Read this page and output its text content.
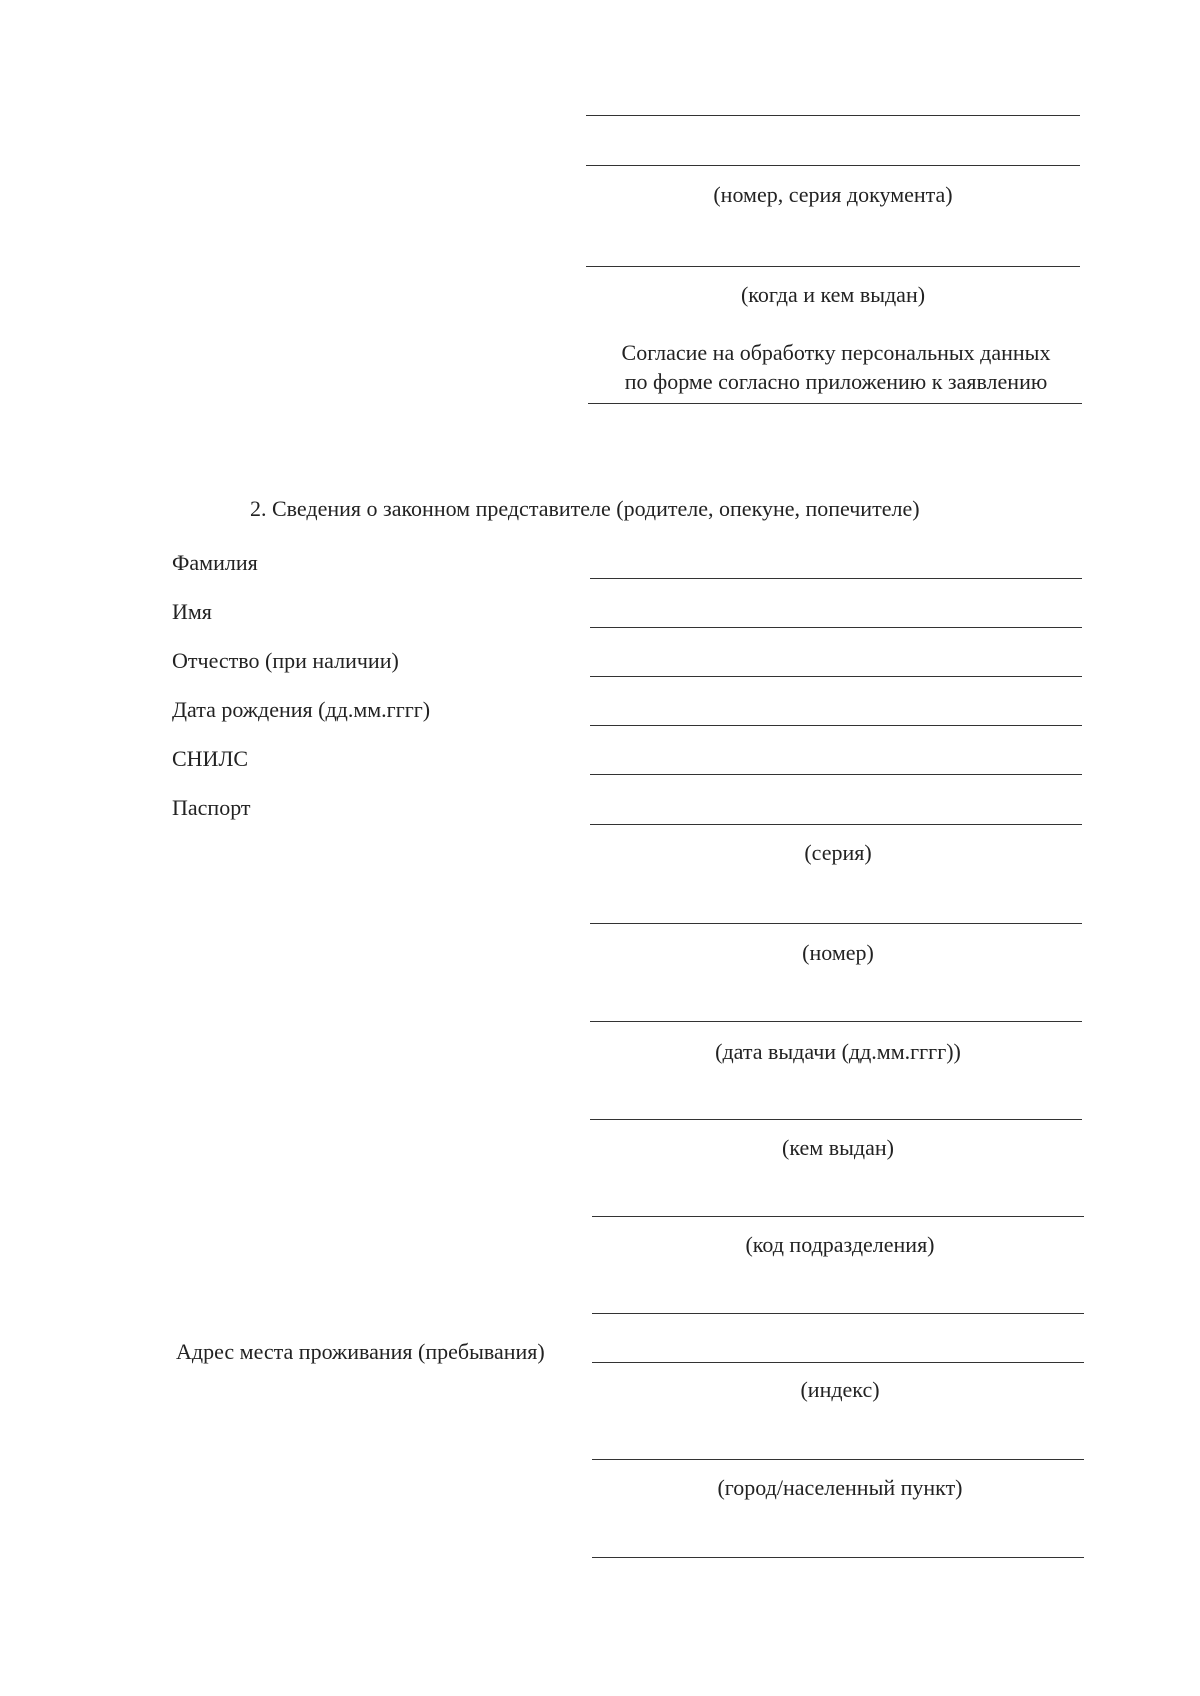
(номер, серия документа)
(когда и кем выдан)
Согласие на обработку персональных данных
по форме согласно приложению к заявлению
2. Сведения о законном представителе (родителе, опекуне, попечителе)
Фамилия
Имя
Отчество (при наличии)
Дата рождения (дд.мм.гггг)
СНИЛС
Паспорт
(серия)
(номер)
(дата выдачи (дд.мм.гггг))
(кем выдан)
(код подразделения)
Адрес места проживания (пребывания)
(индекс)
(город/населенный пункт)
